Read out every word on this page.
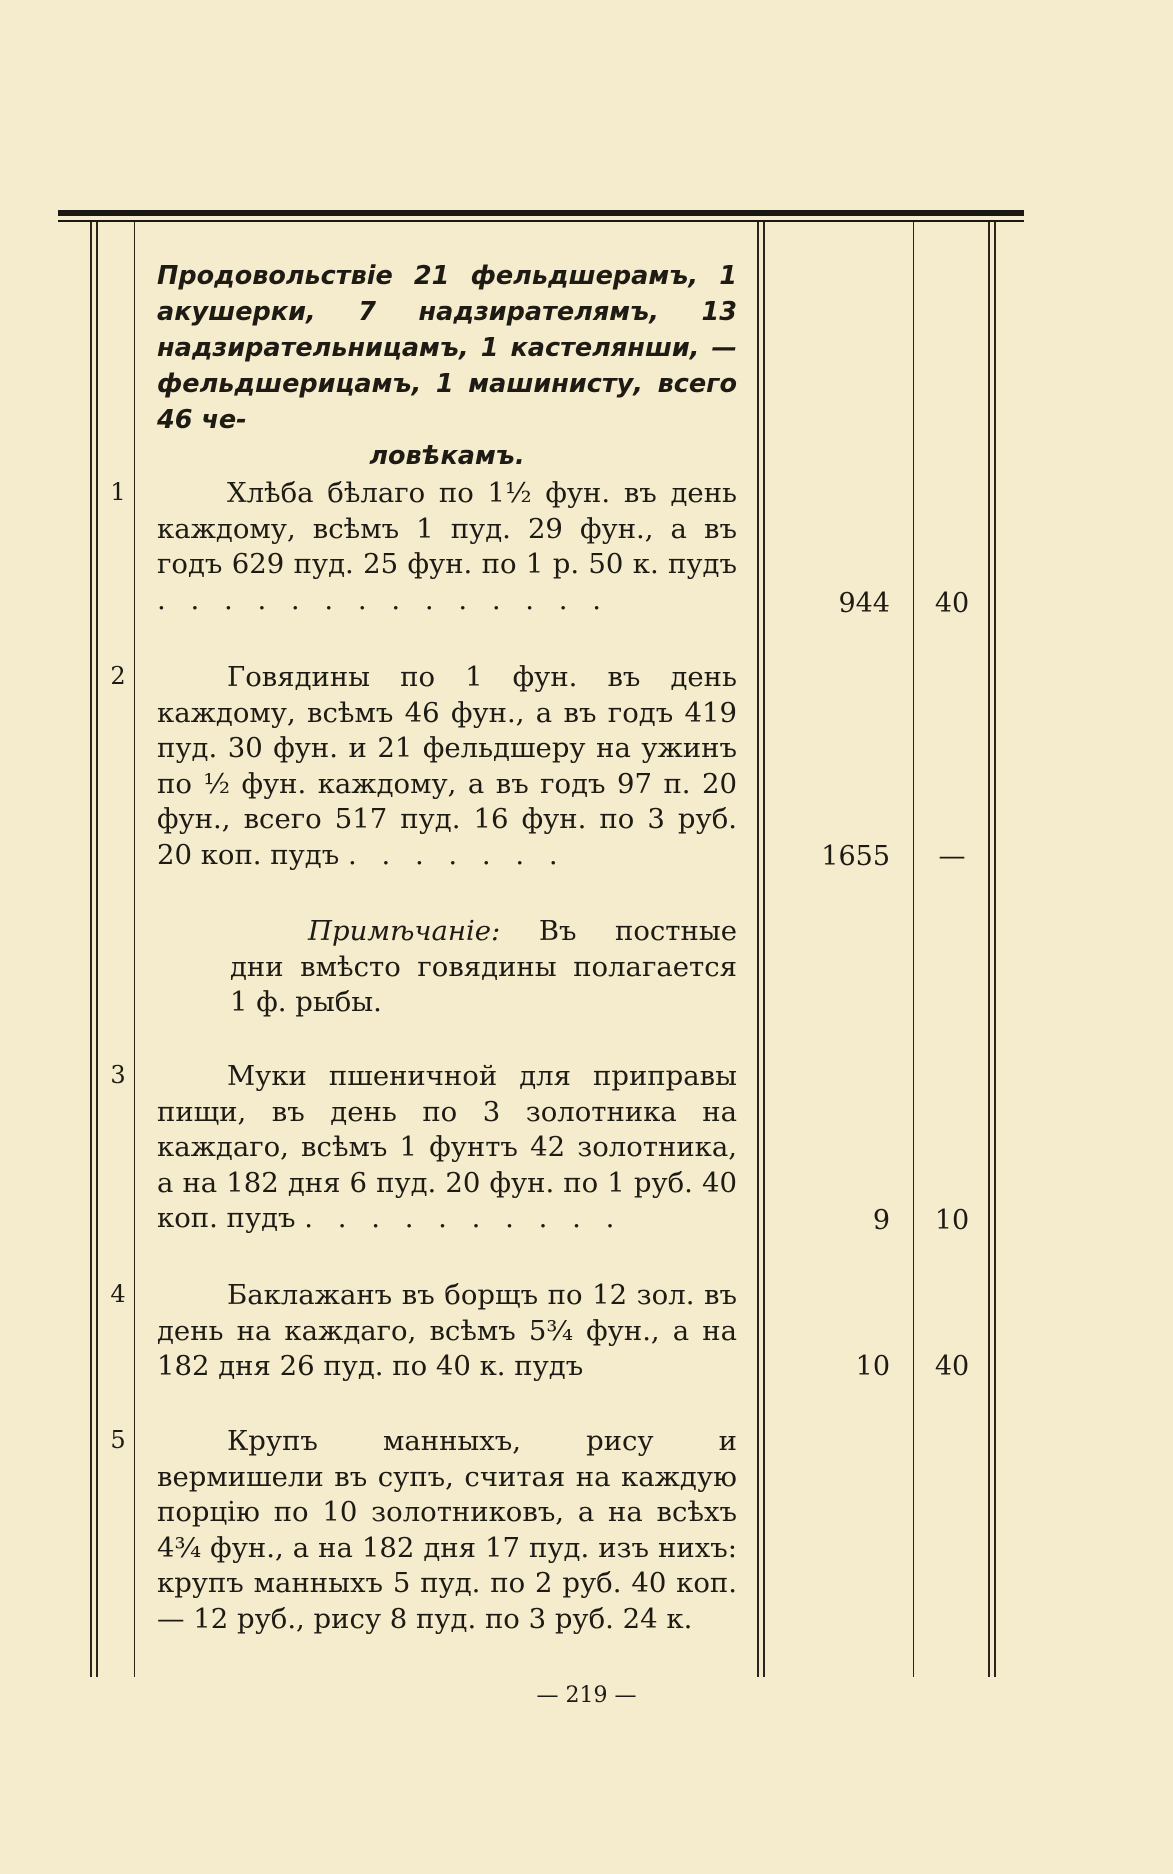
Продовольствіе 21 фельдшерамъ, 1 акушерки, 7 надзирателямъ, 13 надзирательницамъ, 1 кастелянши, — фельдшерицамъ, 1 машинисту, всего 46 че-
ловѣкамъ.
1	Хлѣба бѣлаго по 1½ фун. въ день каждому, всѣмъ 1 пуд. 29 фун., а въ годъ 629 пуд. 25 фун. по 1 р. 50 к. пудъ . . . . . . . . . . . . . .	944	40
2	Говядины по 1 фун. въ день каждому, всѣмъ 46 фун., а въ годъ 419 пуд. 30 фун. и 21 фельдшеру на ужинъ по ½ фун. каждому, а въ годъ 97 п. 20 фун., всего 517 пуд. 16 фун. по 3 руб. 20 коп. пудъ . . . . . . .	1655	—

Примѣчаніе: Въ постные дни вмѣсто говядины полагается 1 ф. рыбы.

3	Муки пшеничной для приправы пищи, въ день по 3 золотника на каждаго, всѣмъ 1 фунтъ 42 золотника, а на 182 дня 6 пуд. 20 фун. по 1 руб. 40 коп. пудъ . . . . . . . . . .	9	10
4	Баклажанъ въ борщъ по 12 зол. въ день на каждаго, всѣмъ 5¾ фун., а на 182 дня 26 пуд. по 40 к. пудъ	10	40
5	Крупъ манныхъ, рису и вермишели въ супъ, считая на каждую порцію по 10 золотниковъ, а на всѣхъ 4¾ фун., а на 182 дня 17 пуд. изъ нихъ: крупъ манныхъ 5 пуд. по 2 руб. 40 коп.— 12 руб., рису 8 пуд. по 3 руб. 24 к.

— 219 —
